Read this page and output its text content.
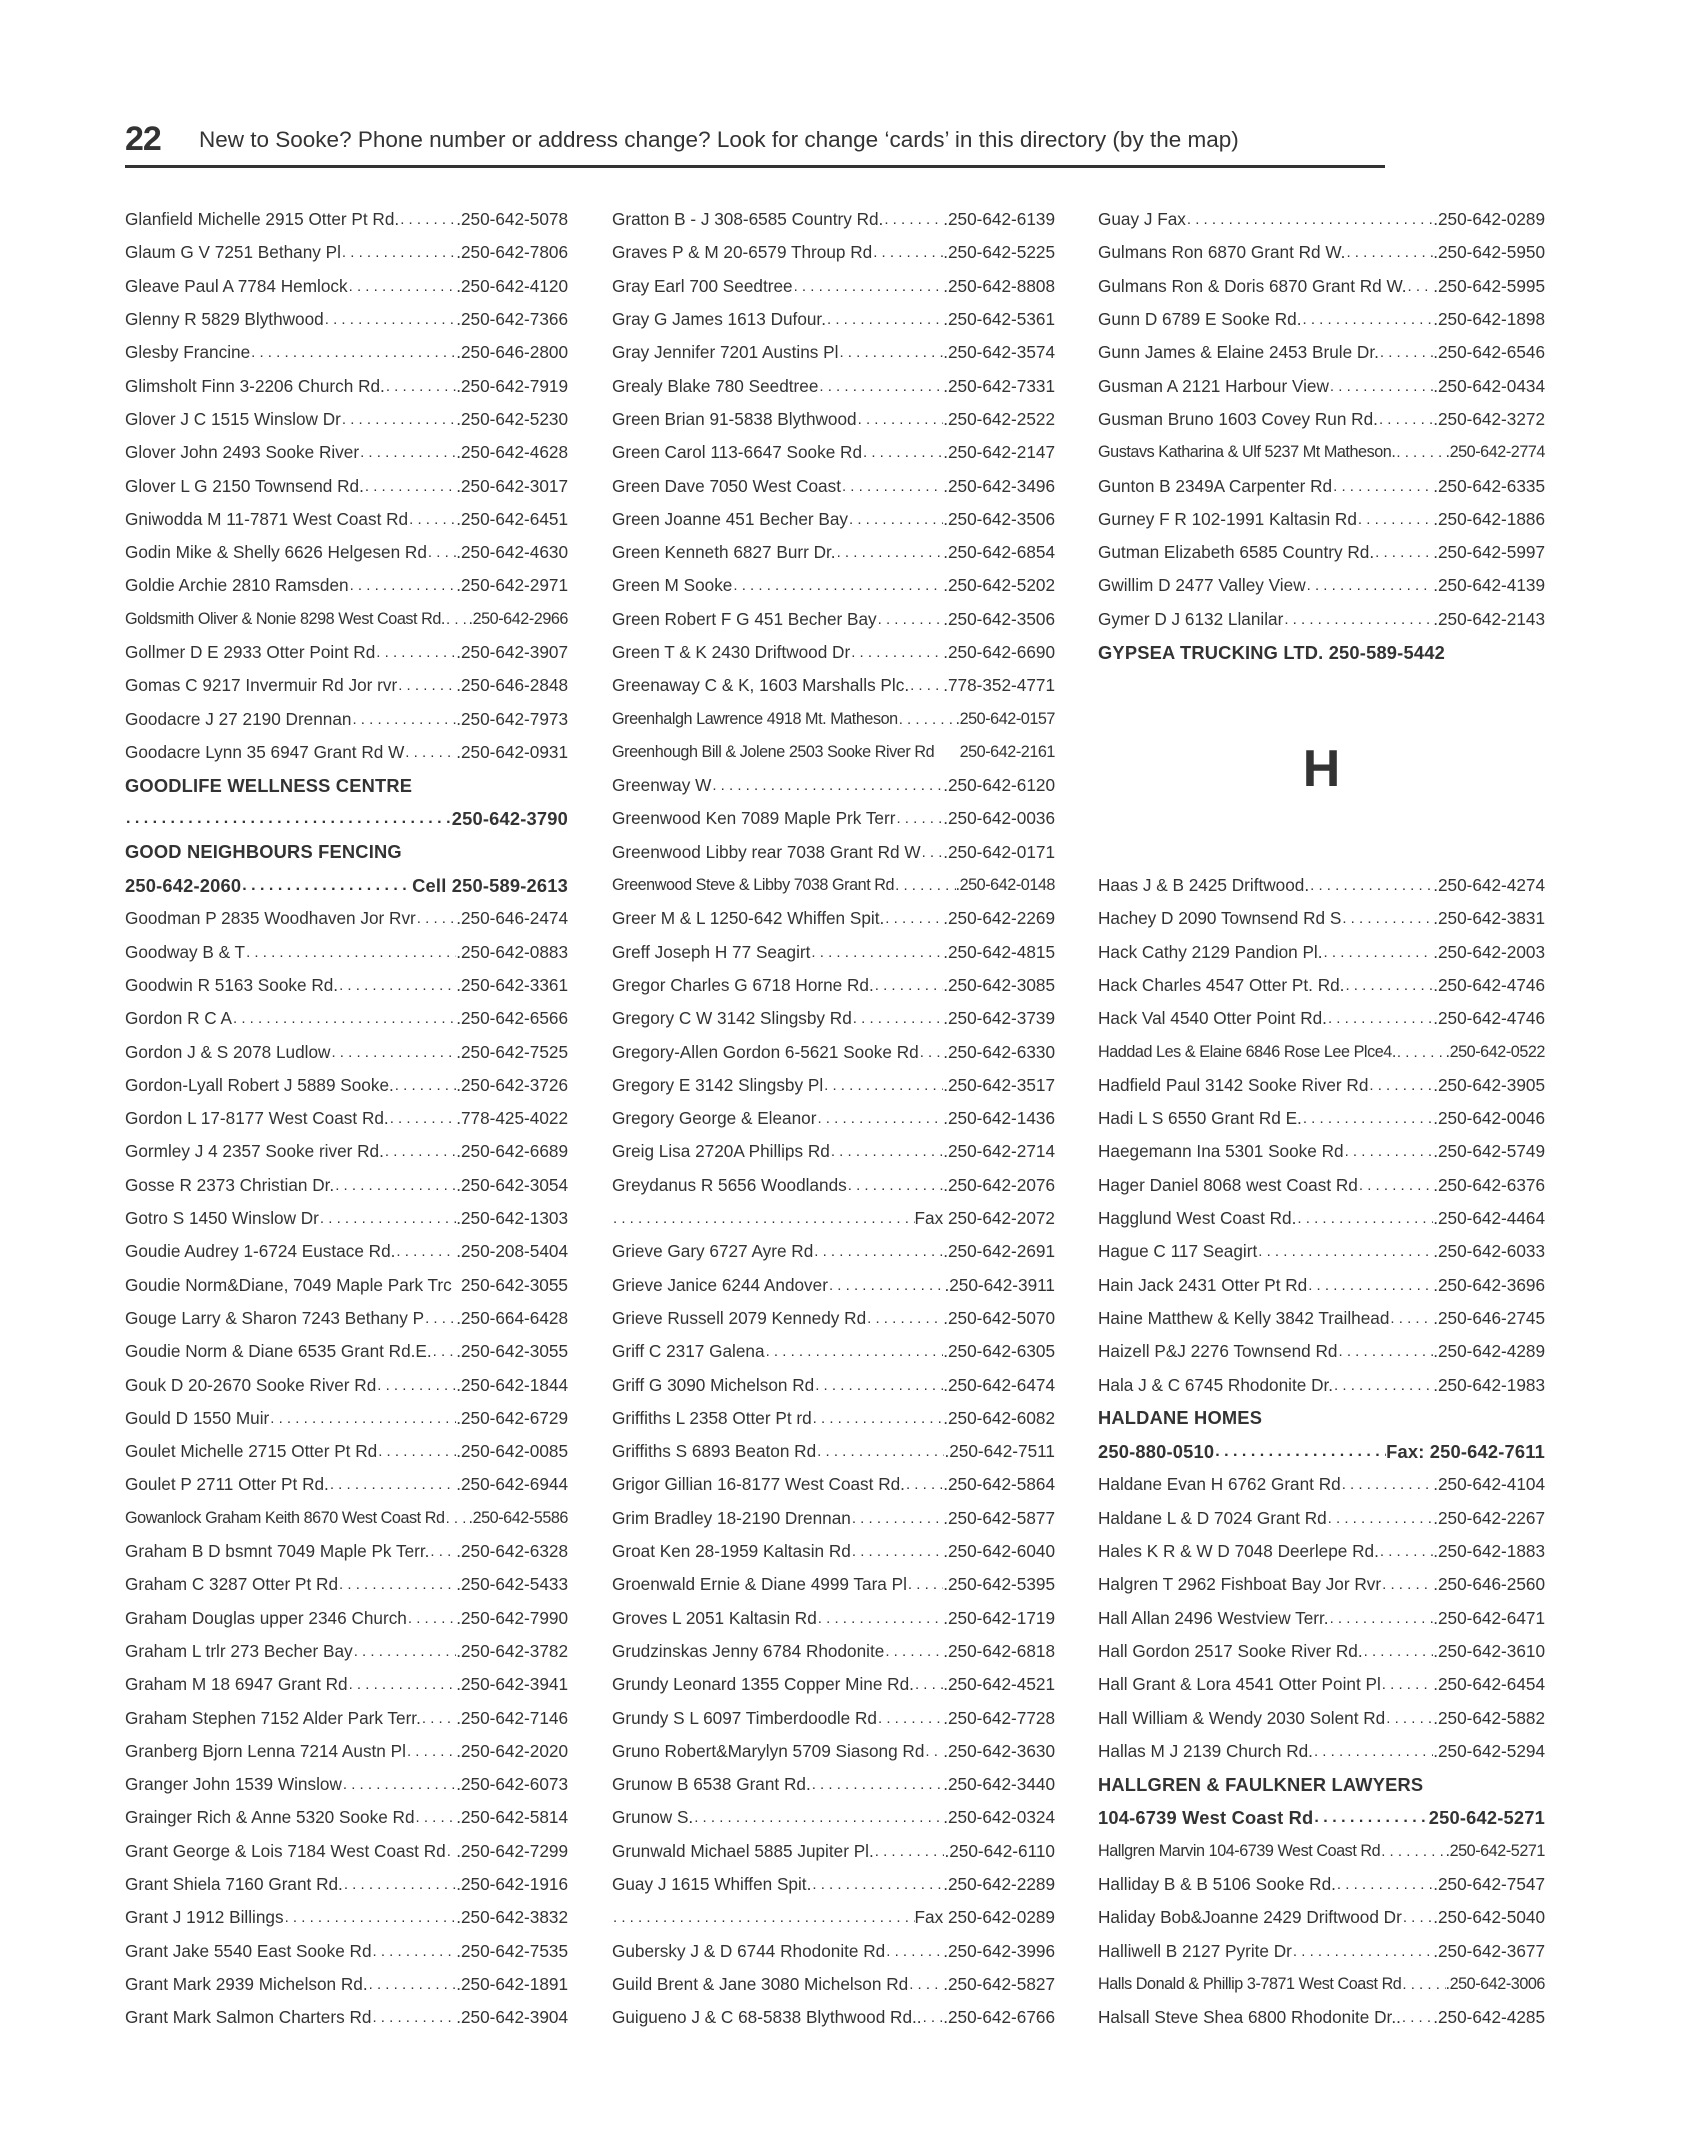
22 New to Sooke? Phone number or address change? Look for change ‘cards’ in this directory (by the map)
Glanfield Michelle 2915 Otter Pt Rd. . . .	.250-642-5078
Glaum G V 7251 Bethany Pl . . .	.250-642-7806
Gleave Paul A 7784 Hemlock . . .	.250-642-4120
Glenny R 5829 Blythwood . . .	.250-642-7366
Glesby Francine . . .	.250-646-2800
Glimsholt Finn 3-2206 Church Rd. . . .	.250-642-7919
Glover J C 1515 Winslow Dr . . .	.250-642-5230
Glover John 2493 Sooke River . . .	.250-642-4628
Glover L G 2150 Townsend Rd. . . .	.250-642-3017
Gniwodda M 11-7871 West Coast Rd . . .	.250-642-6451
Godin Mike & Shelly 6626 Helgesen Rd . . . .250-642-4630
Goldie Archie 2810 Ramsden . . .	.250-642-2971
Goldsmith Oliver & Nonie 8298 West Coast Rd. . . . .250-642-2966
Gollmer D E 2933 Otter Point Rd . . .	.250-642-3907
Gomas C 9217 Invermuir Rd Jor rvr . . .	.250-646-2848
Goodacre J 27 2190 Drennan . . .	.250-642-7973
Goodacre Lynn 35 6947 Grant Rd W . . .	.250-642-0931
GOODLIFE WELLNESS CENTRE
. . .
250-642-3790
GOOD NEIGHBOURS FENCING
250-642-2060 . . .	Cell 250-589-2613
Goodman P 2835 Woodhaven Jor Rvr . . . .250-646-2474
Goodway B & T . . .	.250-642-0883
Goodwin R 5163 Sooke Rd. . . .	.250-642-3361
Gordon R C A . . .	.250-642-6566
Gordon J & S 2078 Ludlow . . .	.250-642-7525
Gordon-Lyall Robert J 5889 Sooke. . . .	.250-642-3726
Gordon L 17-8177 West Coast Rd. . . .	.778-425-4022
Gormley J 4 2357 Sooke river Rd. . . .	.250-642-6689
Gosse R 2373 Christian Dr. . . .	.250-642-3054
Gotro S 1450 Winslow Dr . . .	.250-642-1303
Goudie Audrey 1-6724 Eustace Rd. . . .	.250-208-5404
Goudie Norm&Diane, 7049 Maple Park Trc 250-642-3055
Gouge Larry & Sharon 7243 Bethany P . . . .250-664-6428
Goudie Norm & Diane 6535 Grant Rd.E. . . . .250-642-3055
Gouk D 20-2670 Sooke River Rd . . .	.250-642-1844
Gould D 1550 Muir . . .	.250-642-6729
Goulet Michelle 2715 Otter Pt Rd . . .	.250-642-0085
Goulet P 2711 Otter Pt Rd. . . .	.250-642-6944
Gowanlock Graham Keith 8670 West Coast Rd . . . .250-642-5586
Graham B D bsmnt 7049 Maple Pk Terr. . . . .250-642-6328
Graham C 3287 Otter Pt Rd . . .	.250-642-5433
Graham Douglas upper 2346 Church . . .	.250-642-7990
Graham L trlr 273 Becher Bay . . .	.250-642-3782
Graham M 18 6947 Grant Rd . . .	.250-642-3941
Graham Stephen 7152 Alder Park Terr. . . . .250-642-7146
Granberg Bjorn Lenna 7214 Austn Pl . . .	.250-642-2020
Granger John 1539 Winslow . . .	.250-642-6073
Grainger Rich & Anne 5320 Sooke Rd . . . .250-642-5814
Grant George & Lois 7184 West Coast Rd . . . .250-642-7299
Grant Shiela 7160 Grant Rd. . . .	.250-642-1916
Grant J 1912 Billings . . .	.250-642-3832
Grant Jake 5540 East Sooke Rd . . .	.250-642-7535
Grant Mark 2939 Michelson Rd. . . .	.250-642-1891
Grant Mark Salmon Charters Rd . . .	.250-642-3904
Gratton B - J 308-6585 Country Rd. . . .	.250-642-6139
Graves P & M 20-6579 Throup Rd . . .	.250-642-5225
Gray Earl 700 Seedtree . . .	.250-642-8808
Gray G James 1613 Dufour. . . .	.250-642-5361
Gray Jennifer 7201 Austins Pl . . .	.250-642-3574
Grealy Blake 780 Seedtree . . .	.250-642-7331
Green Brian 91-5838 Blythwood . . .	.250-642-2522
Green Carol 113-6647 Sooke Rd . . .	.250-642-2147
Green Dave 7050 West Coast . . .	.250-642-3496
Green Joanne 451 Becher Bay . . .	.250-642-3506
Green Kenneth 6827 Burr Dr. . . .	.250-642-6854
Green M Sooke . . .	.250-642-5202
Green Robert F G 451 Becher Bay . . .	.250-642-3506
Green T & K 2430 Driftwood Dr . . .	.250-642-6690
Greenaway C & K, 1603 Marshalls Plc. . . . .778-352-4771
Greenhalgh Lawrence 4918 Mt. Matheson . . .	.250-642-0157
Greenhough Bill & Jolene 2503 Sooke River Rd 250-642-2161
Greenway W . . .	.250-642-6120
Greenwood Ken 7089 Maple Prk Terr . . .	.250-642-0036
Greenwood Libby rear 7038 Grant Rd W . . . .250-642-0171
Greenwood Steve & Libby 7038 Grant Rd . . .	.250-642-0148
Greer M & L 1250-642 Whiffen Spit. . . .	.250-642-2269
Greff Joseph H 77 Seagirt . . .	.250-642-4815
Gregor Charles G 6718 Horne Rd. . . .	.250-642-3085
Gregory C W 3142 Slingsby Rd . . .	.250-642-3739
Gregory-Allen Gordon 6-5621 Sooke Rd . . . .250-642-6330
Gregory E 3142 Slingsby Pl . . .	.250-642-3517
Gregory George & Eleanor . . .	.250-642-1436
Greig Lisa 2720A Phillips Rd . . .	.250-642-2714
Greydanus R 5656 Woodlands . . .	.250-642-2076
. . .
Fax 250-642-2072
Grieve Gary 6727 Ayre Rd . . .	.250-642-2691
Grieve Janice 6244 Andover . . .	.250-642-3911
Grieve Russell 2079 Kennedy Rd . . .	.250-642-5070
Griff C 2317 Galena . . .	.250-642-6305
Griff G 3090 Michelson Rd . . .	.250-642-6474
Griffiths L 2358 Otter Pt rd . . .	.250-642-6082
Griffiths S 6893 Beaton Rd . . .	.250-642-7511
Grigor Gillian 16-8177 West Coast Rd. . . . .250-642-5864
Grim Bradley 18-2190 Drennan . . .	.250-642-5877
Groat Ken 28-1959 Kaltasin Rd . . .	.250-642-6040
Groenwald Ernie & Diane 4999 Tara Pl . . . .250-642-5395
Groves L 2051 Kaltasin Rd . . .	.250-642-1719
Grudzinskas Jenny 6784 Rhodonite . . .	.250-642-6818
Grundy Leonard 1355 Copper Mine Rd. . . . .250-642-4521
Grundy S L 6097 Timberdoodle Rd . . .	.250-642-7728
Gruno Robert&Marylyn 5709 Siasong Rd . . . .250-642-3630
Grunow B 6538 Grant Rd. . . .	.250-642-3440
Grunow S. . . .	.250-642-0324
Grunwald Michael 5885 Jupiter Pl. . . .	.250-642-6110
Guay J 1615 Whiffen Spit. . . .	.250-642-2289
. . .
Fax 250-642-0289
Gubersky J & D 6744 Rhodonite Rd . . .	.250-642-3996
Guild Brent & Jane 3080 Michelson Rd . . . .250-642-5827
Guigueno J & C 68-5838 Blythwood Rd.. . . . .250-642-6766
Guay J Fax . . .	.250-642-0289
Gulmans Ron 6870 Grant Rd W. . . .	.250-642-5950
Gulmans Ron & Doris 6870 Grant Rd W. . . . .250-642-5995
Gunn D 6789 E Sooke Rd. . . .	.250-642-1898
Gunn James & Elaine 2453 Brule Dr. . . .	.250-642-6546
Gusman A 2121 Harbour View . . .	.250-642-0434
Gusman Bruno 1603 Covey Run Rd. . . .	.250-642-3272
Gustavs Katharina & Ulf 5237 Mt Matheson. . . .	.250-642-2774
Gunton B 2349A Carpenter Rd . . .	.250-642-6335
Gurney F R 102-1991 Kaltasin Rd . . .	.250-642-1886
Gutman Elizabeth 6585 Country Rd. . . .	.250-642-5997
Gwillim D 2477 Valley View . . .	.250-642-4139
Gymer D J 6132 Llanilar . . .	.250-642-2143
GYPSEA TRUCKING LTD. 250-589-5442
H
Haas J & B 2425 Driftwood. . . .	.250-642-4274
Hachey D 2090 Townsend Rd S . . .	.250-642-3831
Hack Cathy 2129 Pandion Pl. . . .	.250-642-2003
Hack Charles 4547 Otter Pt. Rd. . . .	.250-642-4746
Hack Val 4540 Otter Point Rd. . . .	.250-642-4746
Haddad Les & Elaine 6846 Rose Lee Plce4. . . .	.250-642-0522
Hadfield Paul 3142 Sooke River Rd . . .	.250-642-3905
Hadi L S 6550 Grant Rd E. . . .	.250-642-0046
Haegemann Ina 5301 Sooke Rd . . .	.250-642-5749
Hager Daniel 8068 west Coast Rd . . .	.250-642-6376
Hagglund West Coast Rd. . . .	.250-642-4464
Hague C 117 Seagirt . . .	.250-642-6033
Hain Jack 2431 Otter Pt Rd . . .	.250-642-3696
Haine Matthew & Kelly 3842 Trailhead . . .	.250-646-2745
Haizell P&J 2276 Townsend Rd . . .	.250-642-4289
Hala J & C 6745 Rhodonite Dr. . . .	.250-642-1983
HALDANE HOMES
250-880-0510 . . .	Fax: 250-642-7611
Haldane Evan H 6762 Grant Rd . . .	.250-642-4104
Haldane L & D 7024 Grant Rd . . .	.250-642-2267
Hales K R & W D 7048 Deerlepe Rd. . . .	.250-642-1883
Halgren T 2962 Fishboat Bay Jor Rvr . . .	.250-646-2560
Hall Allan 2496 Westview Terr. . . .	.250-642-6471
Hall Gordon 2517 Sooke River Rd. . . .	.250-642-3610
Hall Grant & Lora 4541 Otter Point Pl . . .	.250-642-6454
Hall William & Wendy 2030 Solent Rd . . .	.250-642-5882
Hallas M J 2139 Church Rd. . . .	.250-642-5294
HALLGREN & FAULKNER LAWYERS
104-6739 West Coast Rd . . .	250-642-5271
Hallgren Marvin 104-6739 West Coast Rd . . .	.250-642-5271
Halliday B & B 5106 Sooke Rd. . . .	.250-642-7547
Haliday Bob&Joanne 2429 Driftwood Dr . . . .250-642-5040
Halliwell B 2127 Pyrite Dr . . .	.250-642-3677
Halls Donald & Phillip 3-7871 West Coast Rd . . .	.250-642-3006
Halsall Steve Shea 6800 Rhodonite Dr.. . . . .250-642-4285
